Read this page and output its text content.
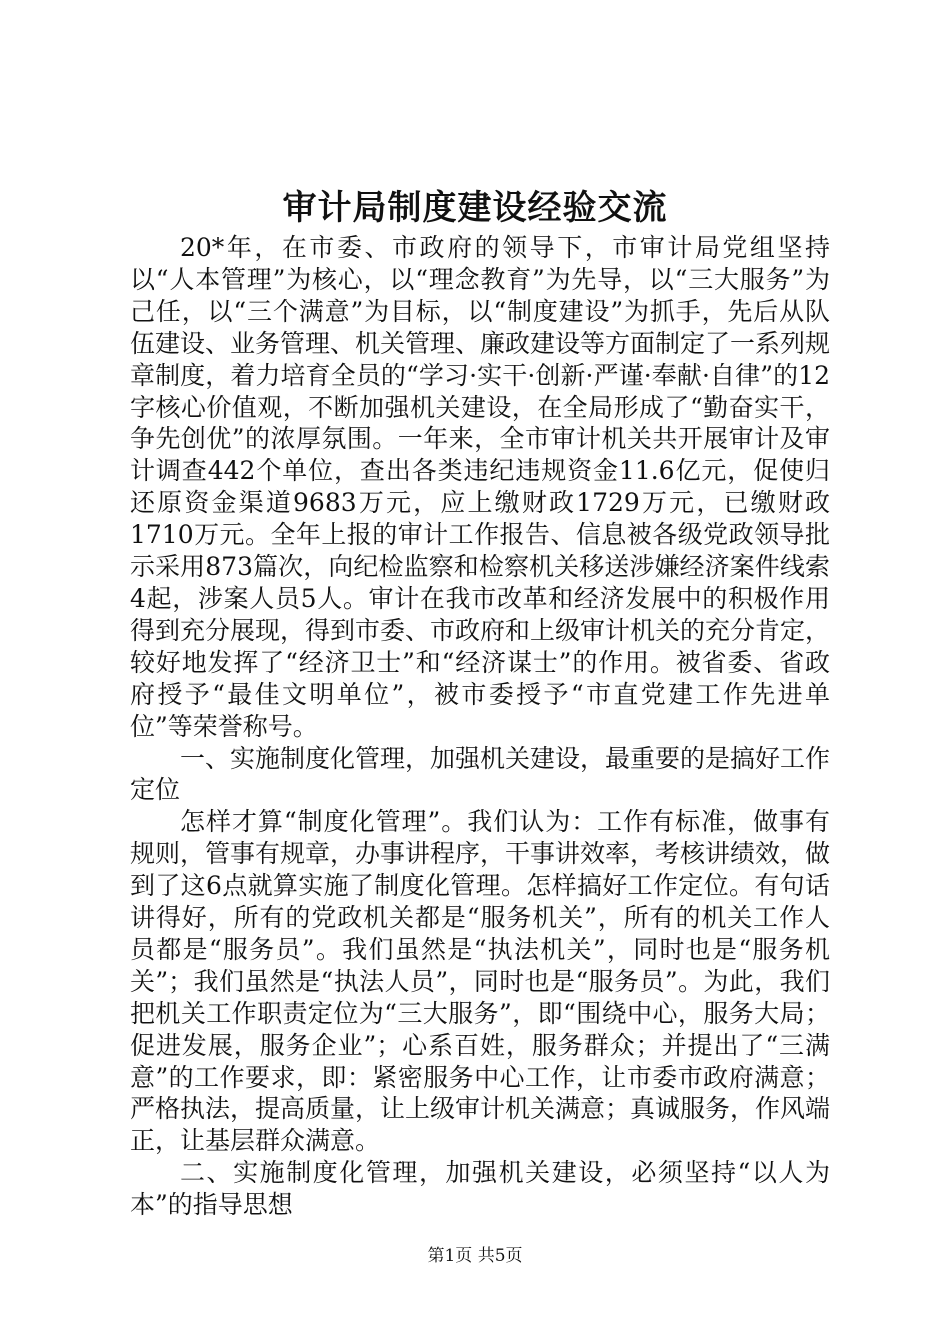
审计局制度建设经验交流

20*年，在市委、市政府的领导下，市审计局党组坚持以“人本管理”为核心，以“理念教育”为先导，以“三大服务”为己任，以“三个满意”为目标，以“制度建设”为抓手，先后从队伍建设、业务管理、机关管理、廉政建设等方面制定了一系列规章制度，着力培育全员的“学习·实干·创新·严谨·奉献·自律”的12字核心价值观，不断加强机关建设，在全局形成了“勤奋实干，争先创优”的浓厚氛围。一年来，全市审计机关共开展审计及审计调查442个单位，查出各类违纪违规资金11.6亿元，促使归还原资金渠道9683万元，应上缴财政1729万元，已缴财政1710万元。全年上报的审计工作报告、信息被各级党政领导批示采用873篇次，向纪检监察和检察机关移送涉嫌经济案件线索4起，涉案人员5人。审计在我市改革和经济发展中的积极作用得到充分展现，得到市委、市政府和上级审计机关的充分肯定，较好地发挥了“经济卫士”和“经济谋士”的作用。被省委、省政府授予“最佳文明单位”，被市委授予“市直党建工作先进单位”等荣誉称号。

一、实施制度化管理，加强机关建设，最重要的是搞好工作定位

怎样才算“制度化管理”。我们认为：工作有标准，做事有规则，管事有规章，办事讲程序，干事讲效率，考核讲绩效，做到了这6点就算实施了制度化管理。怎样搞好工作定位。有句话讲得好，所有的党政机关都是“服务机关”，所有的机关工作人员都是“服务员”。我们虽然是“执法机关”，同时也是“服务机关”；我们虽然是“执法人员”，同时也是“服务员”。为此，我们把机关工作职责定位为“三大服务”，即“围绕中心，服务大局；促进发展，服务企业”；心系百姓，服务群众；并提出了“三满意”的工作要求，即：紧密服务中心工作，让市委市政府满意；严格执法，提高质量，让上级审计机关满意；真诚服务，作风端正，让基层群众满意。

二、实施制度化管理，加强机关建设，必须坚持“以人为本”的指导思想

第1页 共5页
